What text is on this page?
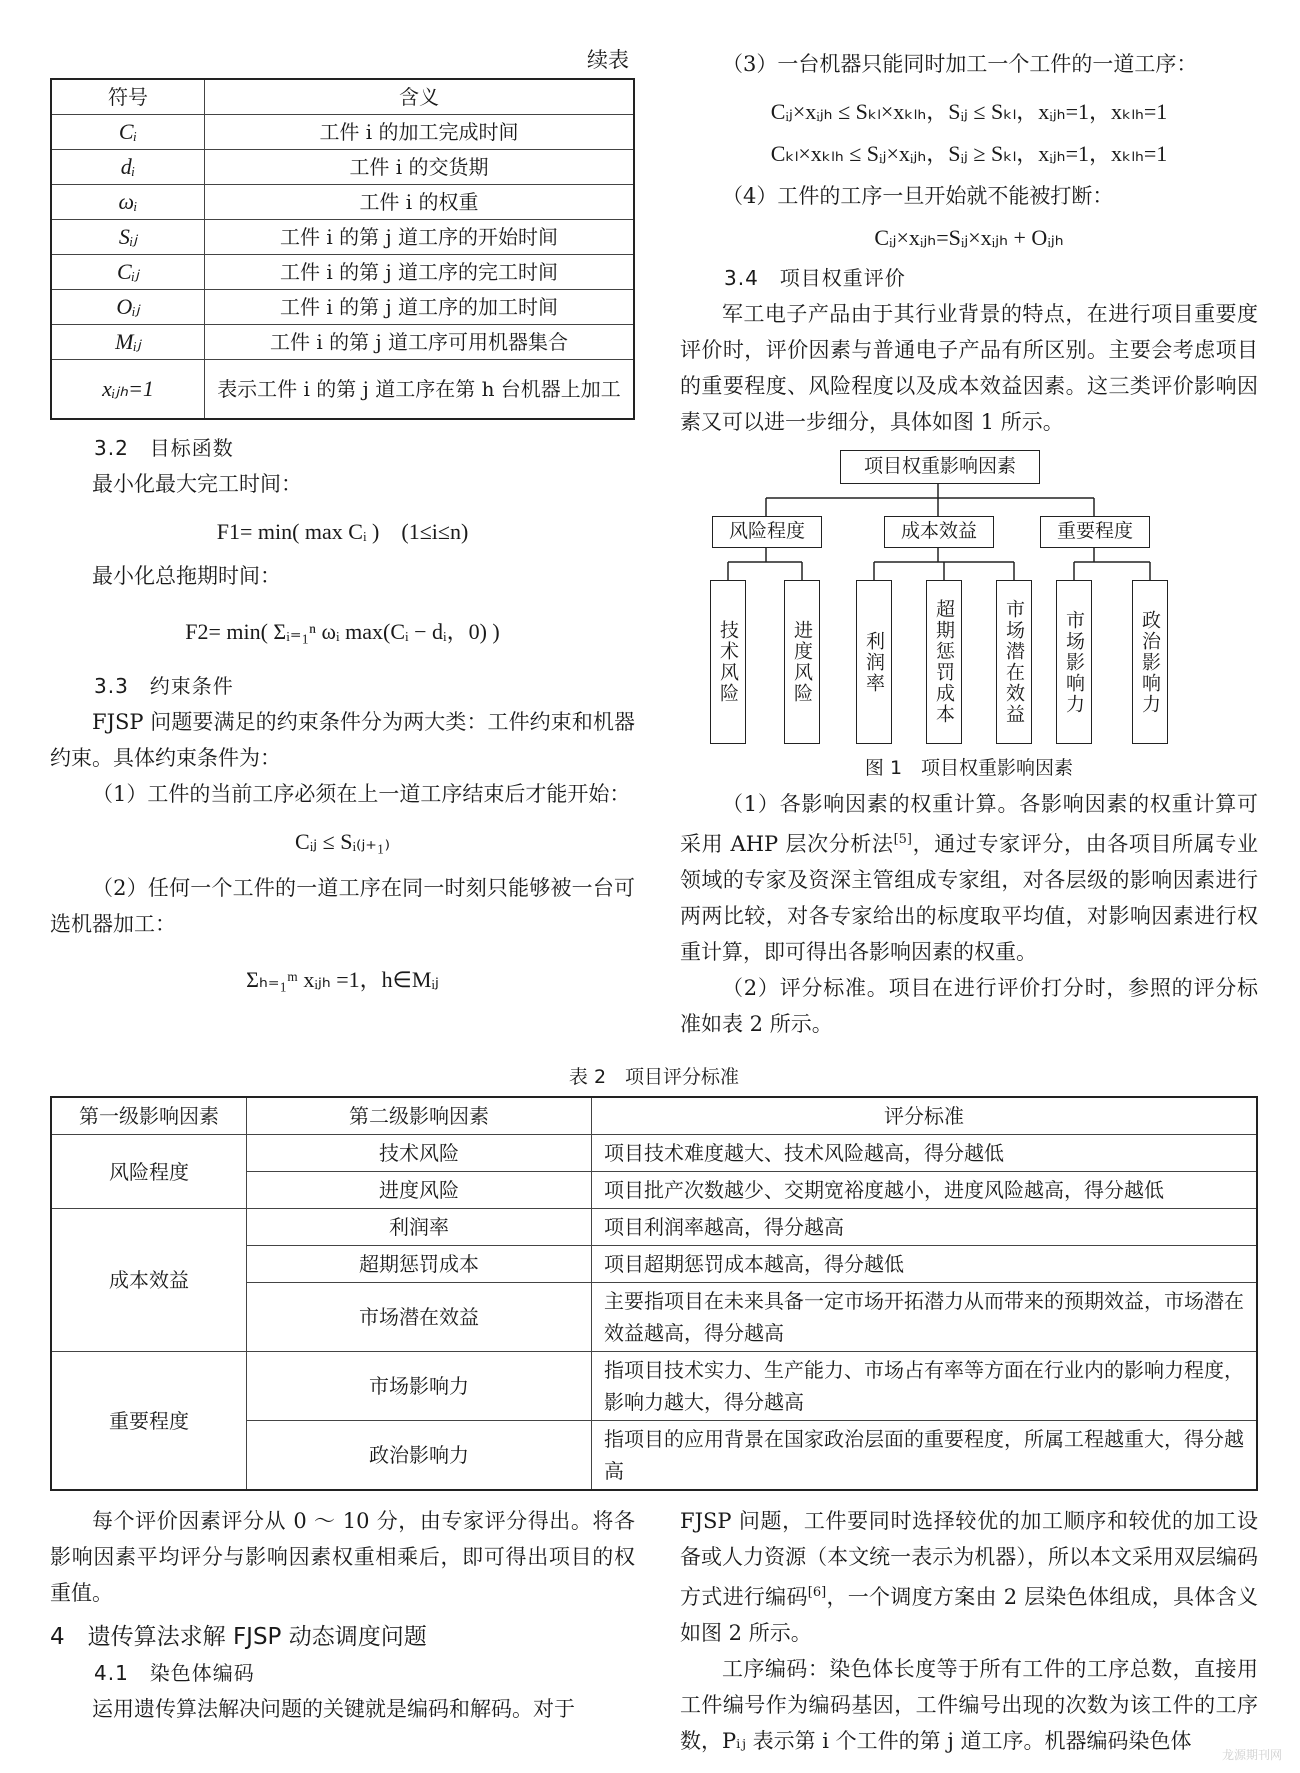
续表
符号	含义
Cᵢ	工件 i 的加工完成时间
dᵢ	工件 i 的交货期
ωᵢ	工件 i 的权重
Sᵢⱼ	工件 i 的第 j 道工序的开始时间
Cᵢⱼ	工件 i 的第 j 道工序的完工时间
Oᵢⱼ	工件 i 的第 j 道工序的加工时间
Mᵢⱼ	工件 i 的第 j 道工序可用机器集合
xᵢⱼₕ=1	表示工件 i 的第 j 道工序在第 h 台机器上加工
3.2　目标函数

最小化最大完工时间：

F1= min( max Cᵢ )　(1≤i≤n)

最小化总拖期时间：

F2= min( Σᵢ₌₁ⁿ ωᵢ max(Cᵢ − dᵢ，0) )
3.3　约束条件

FJSP 问题要满足的约束条件分为两大类：工件约束和机器约束。具体约束条件为：

（1）工件的当前工序必须在上一道工序结束后才能开始：

Cᵢⱼ ≤ Sᵢ₍ⱼ₊₁₎

（2）任何一个工件的一道工序在同一时刻只能够被一台可选机器加工：

Σₕ₌₁ᵐ xᵢⱼₕ =1，h∈Mᵢⱼ

（3）一台机器只能同时加工一个工件的一道工序：

Cᵢⱼ×xᵢⱼₕ ≤ Sₖₗ×xₖₗₕ，Sᵢⱼ ≤ Sₖₗ，xᵢⱼₕ=1，xₖₗₕ=1
Cₖₗ×xₖₗₕ ≤ Sᵢⱼ×xᵢⱼₕ，Sᵢⱼ ≥ Sₖₗ，xᵢⱼₕ=1，xₖₗₕ=1

（4）工件的工序一旦开始就不能被打断：

Cᵢⱼ×xᵢⱼₕ=Sᵢⱼ×xᵢⱼₕ + Oᵢⱼₕ
3.4　项目权重评价

军工电子产品由于其行业背景的特点，在进行项目重要度评价时，评价因素与普通电子产品有所区别。主要会考虑项目的重要程度、风险程度以及成本效益因素。这三类评价影响因素又可以进一步细分，具体如图 1 所示。

项目权重影响因素
风险程度	成本效益	重要程度
技术风险	进度风险	利润率	超期惩罚成本	市场潜在效益	市场影响力	政治影响力
图 1　项目权重影响因素

（1）各影响因素的权重计算。各影响因素的权重计算可采用 AHP 层次分析法[5]，通过专家评分，由各项目所属专业领域的专家及资深主管组成专家组，对各层级的影响因素进行两两比较，对各专家给出的标度取平均值，对影响因素进行权重计算，即可得出各影响因素的权重。

（2）评分标准。项目在进行评价打分时，参照的评分标准如表 2 所示。

表 2　项目评分标准
第一级影响因素	第二级影响因素	评分标准
风险程度	技术风险	项目技术难度越大、技术风险越高，得分越低
	进度风险	项目批产次数越少、交期宽裕度越小，进度风险越高，得分越低
成本效益	利润率	项目利润率越高，得分越高
	超期惩罚成本	项目超期惩罚成本越高，得分越低
	市场潜在效益	主要指项目在未来具备一定市场开拓潜力从而带来的预期效益，市场潜在效益越高，得分越高
重要程度	市场影响力	指项目技术实力、生产能力、市场占有率等方面在行业内的影响力程度，影响力越大，得分越高
	政治影响力	指项目的应用背景在国家政治层面的重要程度，所属工程越重大，得分越高

每个评价因素评分从 0 ～ 10 分，由专家评分得出。将各影响因素平均评分与影响因素权重相乘后，即可得出项目的权重值。

4　遗传算法求解 FJSP 动态调度问题
4.1　染色体编码

运用遗传算法解决问题的关键就是编码和解码。对于

FJSP 问题，工件要同时选择较优的加工顺序和较优的加工设备或人力资源（本文统一表示为机器），所以本文采用双层编码方式进行编码[6]，一个调度方案由 2 层染色体组成，具体含义如图 2 所示。

工序编码：染色体长度等于所有工件的工序总数，直接用工件编号作为编码基因，工件编号出现的次数为该工件的工序数，Pᵢⱼ 表示第 i 个工件的第 j 道工序。机器编码染色体

龙源期刊网
